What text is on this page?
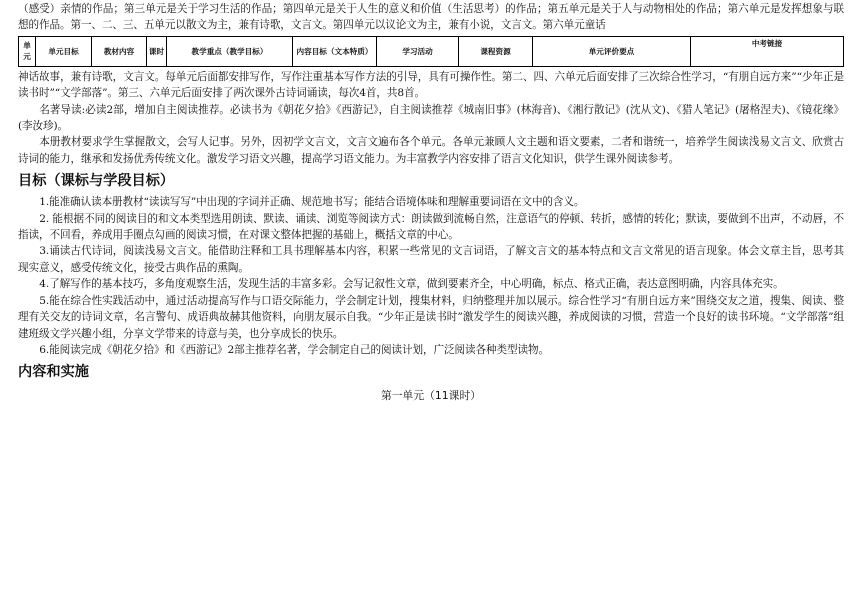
（感受）亲情的作品；第三单元是关于学习生活的作品；第四单元是关于人生的意义和价值（生活思考）的作品；第五单元是关于人与动物相处的作品；第六单元是发挥想象与联想的作品。第一、二、三、五单元以散文为主，兼有诗歌，文言文。第四单元以议论文为主，兼有小说，文言文。第六单元童话

单元	单元目标	教材内容	课时	教学重点（教学目标）	内容目标（文本特质）	学习活动	课程资源	单元评价要点	中考链接

神话故事，兼有诗歌，文言文。每单元后面都安排写作，写作注重基本写作方法的引导，具有可操作性。第二、四、六单元后面安排了三次综合性学习，“有朋自远方来”“少年正是读书时”“文学部落”。第三、六单元后面安排了两次课外古诗词诵读，每次4首，共8首。

名著导读:必读2部，增加自主阅读推荐。必读书为《朝花夕拾》《西游记》，自主阅读推荐《城南旧事》(林海音)、《湘行散记》(沈从文)、《猎人笔记》(屠格涅夫)、《镜花缘》(李汝珍)。

本册教材要求学生掌握散文，会写人记事。另外，因初学文言文，文言文遍布各个单元。各单元兼顾人文主题和语文要素，二者和谐统一，培养学生阅读浅易文言文、欣赏古诗词的能力，继承和发扬优秀传统文化。激发学习语文兴趣，提高学习语文能力。为丰富教学内容安排了语言文化知识，供学生课外阅读参考。

目标（课标与学段目标）

1.能准确认读本册教材“读读写写”中出现的字词并正确、规范地书写；能结合语境体味和理解重要词语在文中的含义。

2. 能根据不同的阅读目的和文本类型选用朗读、默读、诵读、浏览等阅读方式：朗读做到流畅自然，注意语气的停顿、转折，感情的转化；默读，要做到不出声，不动唇，不指读，不回看，养成用手圈点勾画的阅读习惯，在对课文整体把握的基础上，概括文章的中心。

3.诵读古代诗词，阅读浅易文言文。能借助注释和工具书理解基本内容，积累一些常见的文言词语，了解文言文的基本特点和文言文常见的语言现象。体会文章主旨，思考其现实意义，感受传统文化，接受古典作品的熏陶。

4.了解写作的基本技巧，多角度观察生活，发现生活的丰富多彩。会写记叙性文章，做到要素齐全，中心明确，标点、格式正确，表达意图明确，内容具体充实。

5.能在综合性实践活动中，通过活动提高写作与口语交际能力，学会制定计划，搜集材料，归纳整理并加以展示。综合性学习“有朋自远方来”围绕交友之道，搜集、阅读、整理有关交友的诗词文章，名言警句、成语典故赫其他资料，向朋友展示自我。“少年正是读书时”激发学生的阅读兴趣，养成阅读的习惯，营造一个良好的读书环境。“文学部落”组建班级文学兴趣小组，分享文学带来的诗意与美，也分享成长的快乐。

6.能阅读完成《朝花夕拾》和《西游记》2部主推荐名著，学会制定自己的阅读计划，广泛阅读各种类型读物。

内容和实施
第一单元（11课时）
